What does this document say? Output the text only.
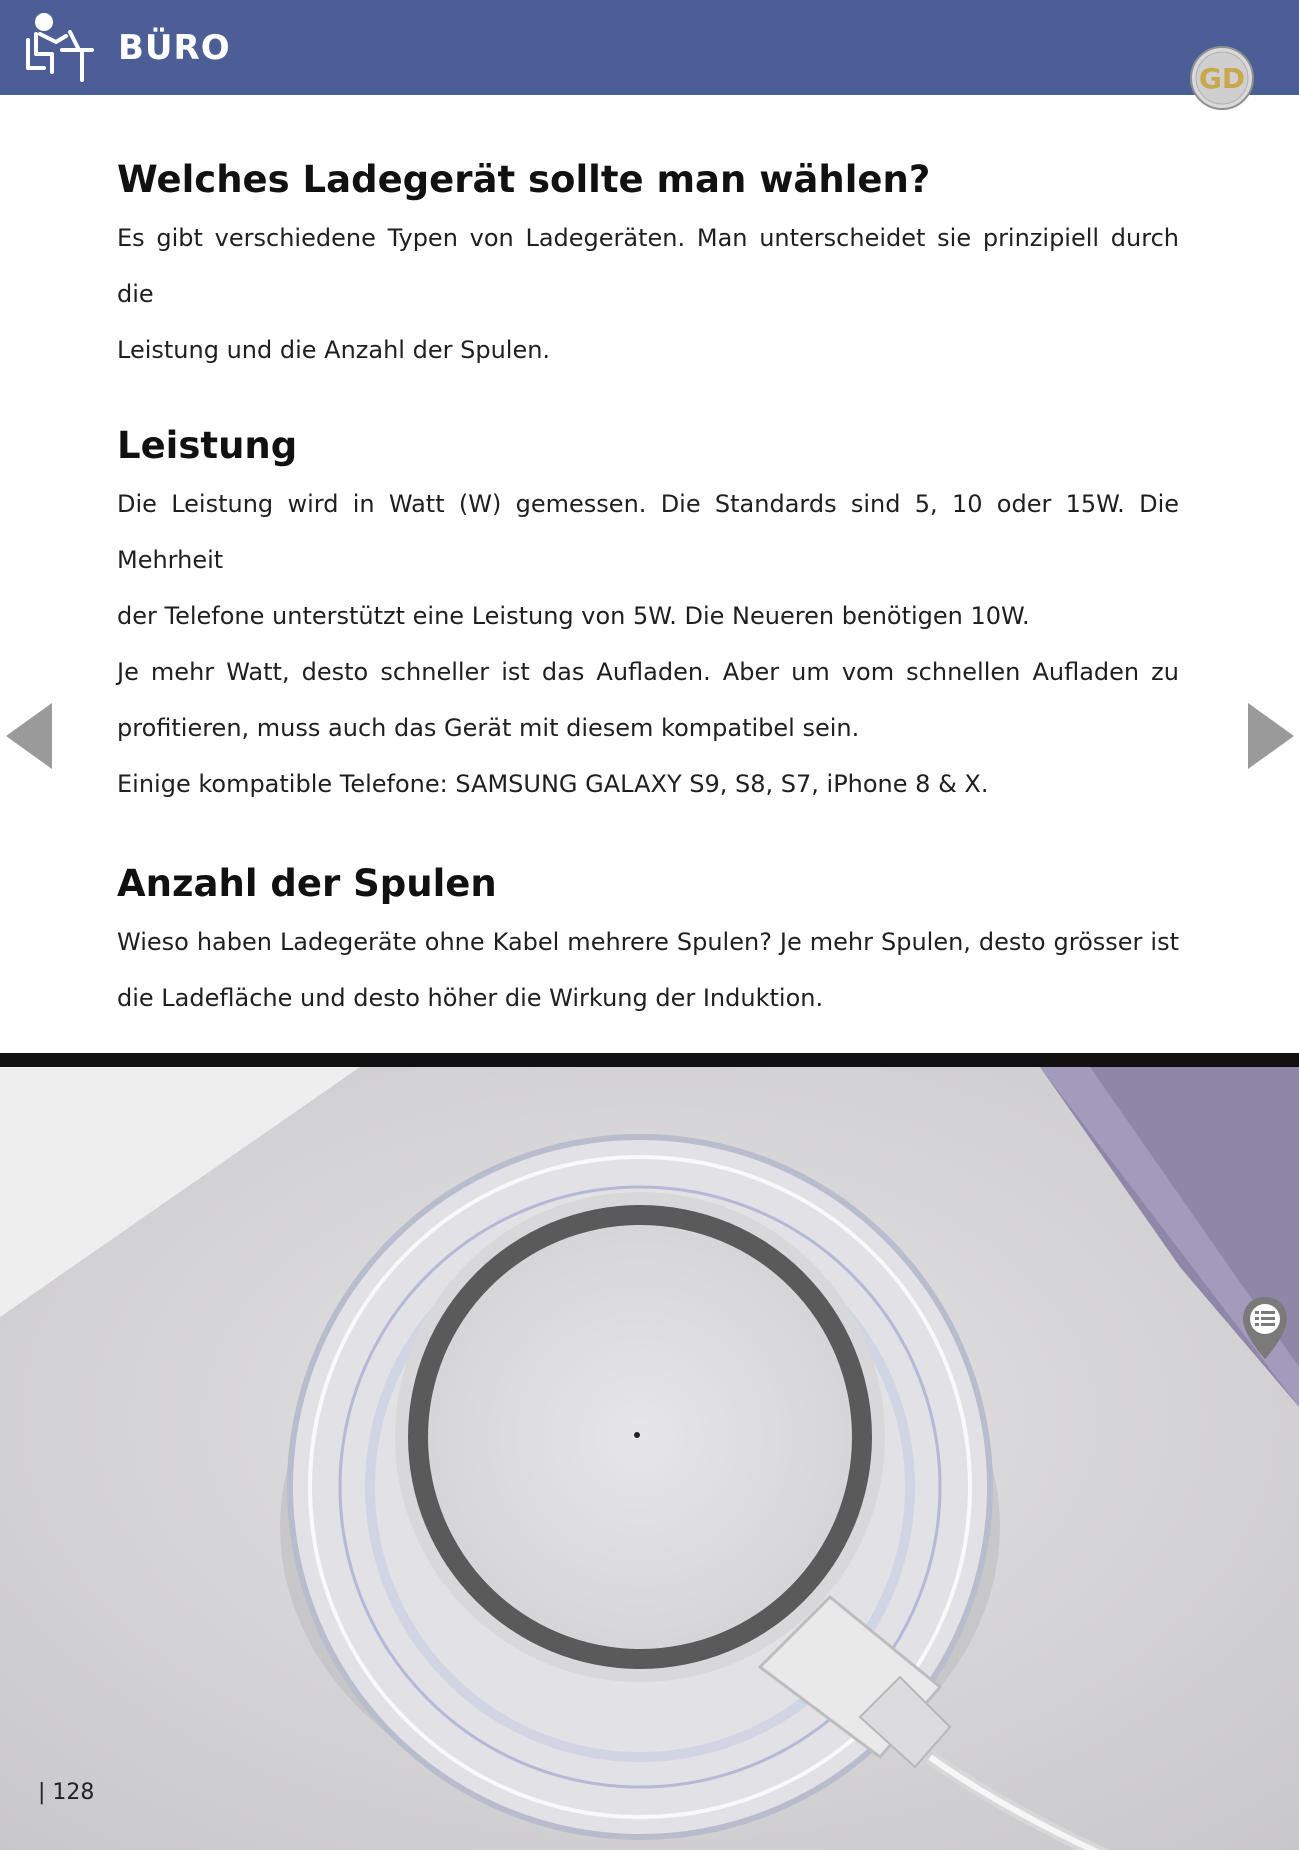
BÜRO
GD
Welches Ladegerät sollte man wählen?

Es gibt verschiedene Typen von Ladegeräten. Man unterscheidet sie prinzipiell durch die

Leistung und die Anzahl der Spulen.

Leistung

Die Leistung wird in Watt (W) gemessen. Die Standards sind 5, 10 oder 15W. Die Mehrheit

der Telefone unterstützt eine Leistung von 5W. Die Neueren benötigen 10W.

Je mehr Watt, desto schneller ist das Aufladen. Aber um vom schnellen Aufladen zu

profitieren, muss auch das Gerät mit diesem kompatibel sein.

Einige kompatible Telefone: SAMSUNG GALAXY S9, S8, S7, iPhone 8 & X.

Anzahl der Spulen

Wieso haben Ladegeräte ohne Kabel mehrere Spulen? Je mehr Spulen, desto grösser ist

die Ladefläche und desto höher die Wirkung der Induktion.

| 128
